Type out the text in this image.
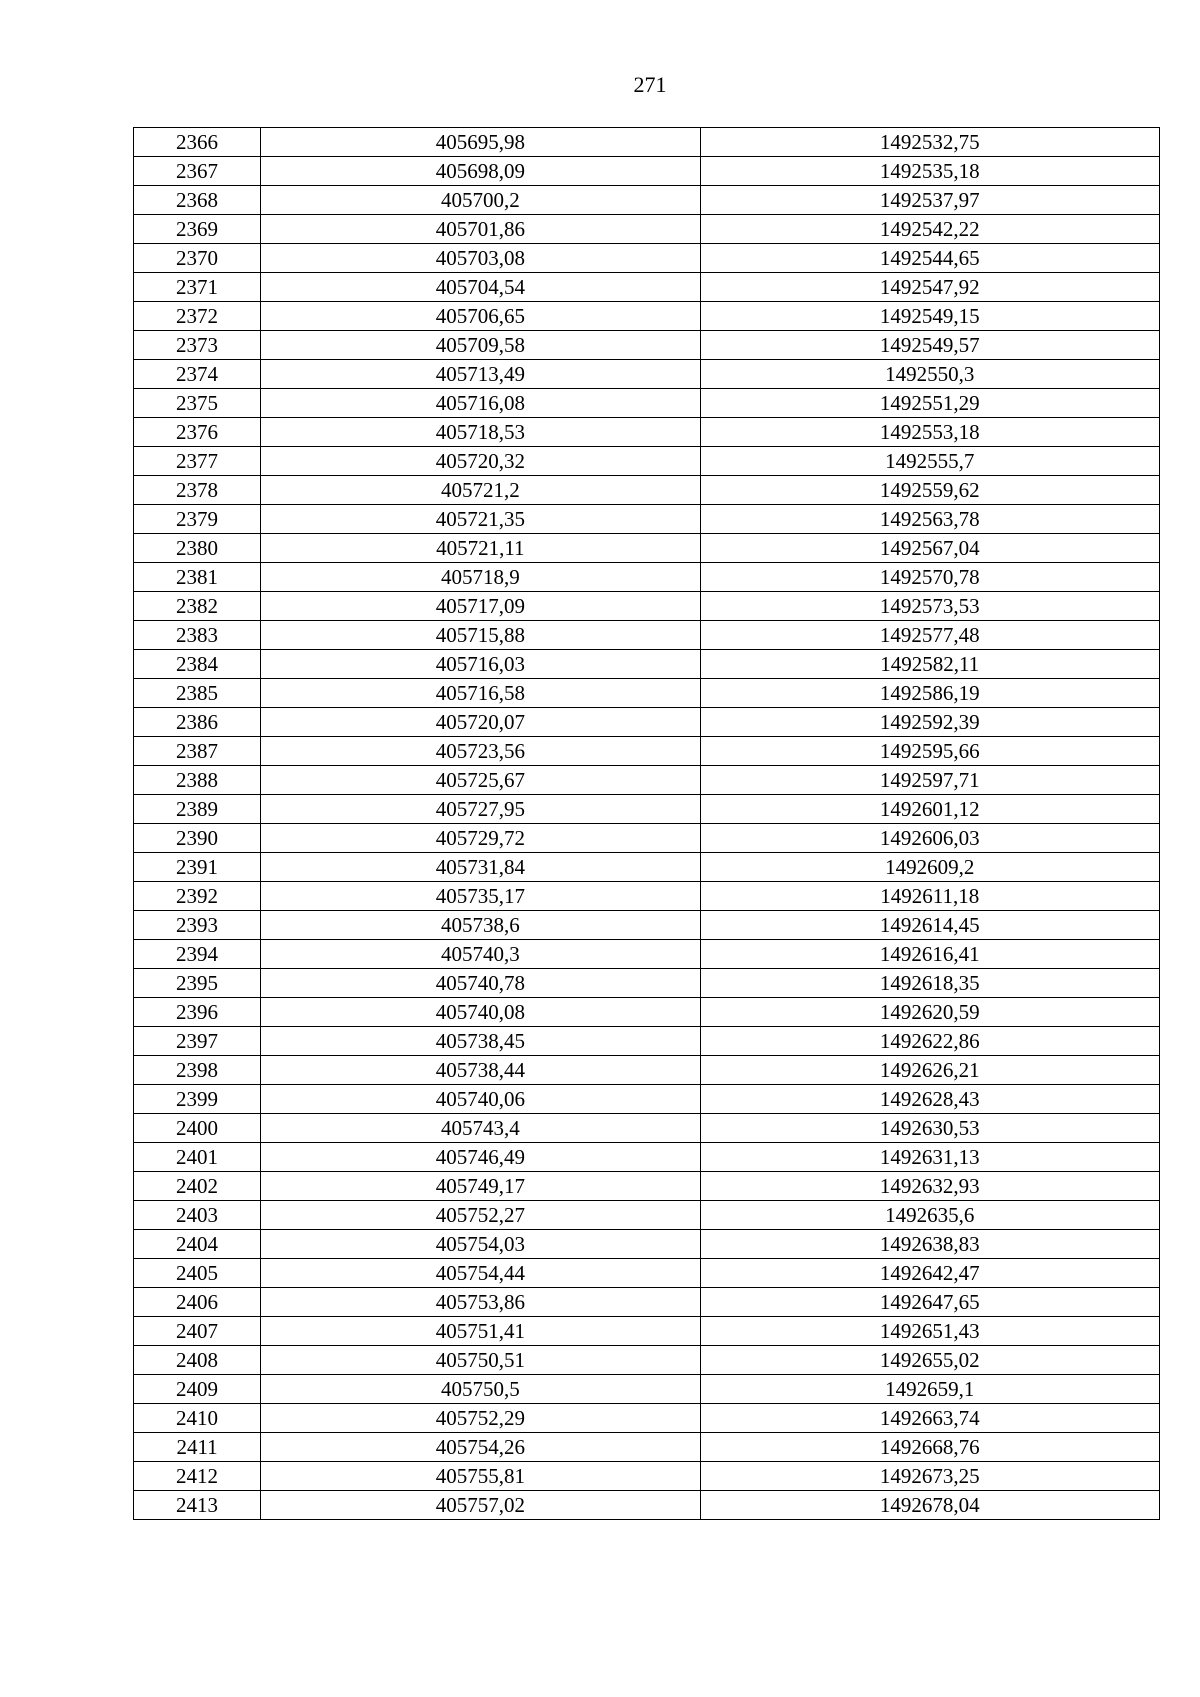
271
2366	405695,98	1492532,75
2367	405698,09	1492535,18
2368	405700,2	1492537,97
2369	405701,86	1492542,22
2370	405703,08	1492544,65
2371	405704,54	1492547,92
2372	405706,65	1492549,15
2373	405709,58	1492549,57
2374	405713,49	1492550,3
2375	405716,08	1492551,29
2376	405718,53	1492553,18
2377	405720,32	1492555,7
2378	405721,2	1492559,62
2379	405721,35	1492563,78
2380	405721,11	1492567,04
2381	405718,9	1492570,78
2382	405717,09	1492573,53
2383	405715,88	1492577,48
2384	405716,03	1492582,11
2385	405716,58	1492586,19
2386	405720,07	1492592,39
2387	405723,56	1492595,66
2388	405725,67	1492597,71
2389	405727,95	1492601,12
2390	405729,72	1492606,03
2391	405731,84	1492609,2
2392	405735,17	1492611,18
2393	405738,6	1492614,45
2394	405740,3	1492616,41
2395	405740,78	1492618,35
2396	405740,08	1492620,59
2397	405738,45	1492622,86
2398	405738,44	1492626,21
2399	405740,06	1492628,43
2400	405743,4	1492630,53
2401	405746,49	1492631,13
2402	405749,17	1492632,93
2403	405752,27	1492635,6
2404	405754,03	1492638,83
2405	405754,44	1492642,47
2406	405753,86	1492647,65
2407	405751,41	1492651,43
2408	405750,51	1492655,02
2409	405750,5	1492659,1
2410	405752,29	1492663,74
2411	405754,26	1492668,76
2412	405755,81	1492673,25
2413	405757,02	1492678,04
